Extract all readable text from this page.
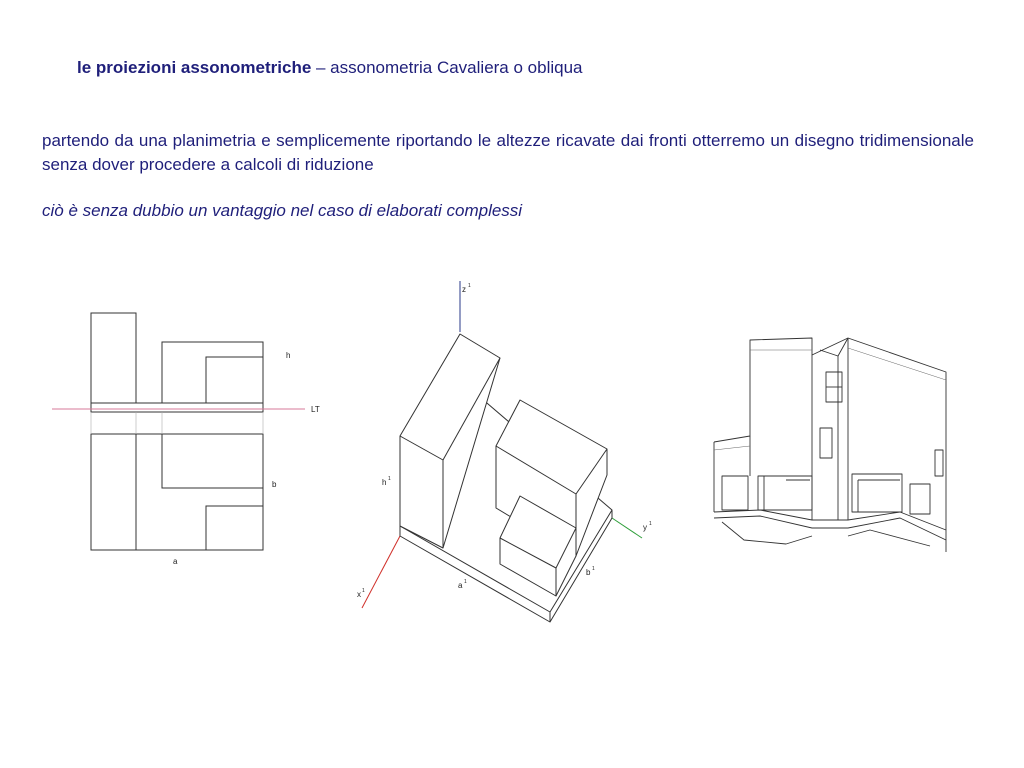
le proiezioni assonometriche – assonometria Cavaliera o obliqua

partendo da una planimetria e semplicemente riportando le altezze ricavate dai fronti otterremo un disegno tridimensionale senza dover procedere a calcoli di riduzione

ciò è senza dubbio un vantaggio nel caso di elaborati complessi
h
LT
b
a
z 1
y 1
x 1
h 1
a 1
b 1
